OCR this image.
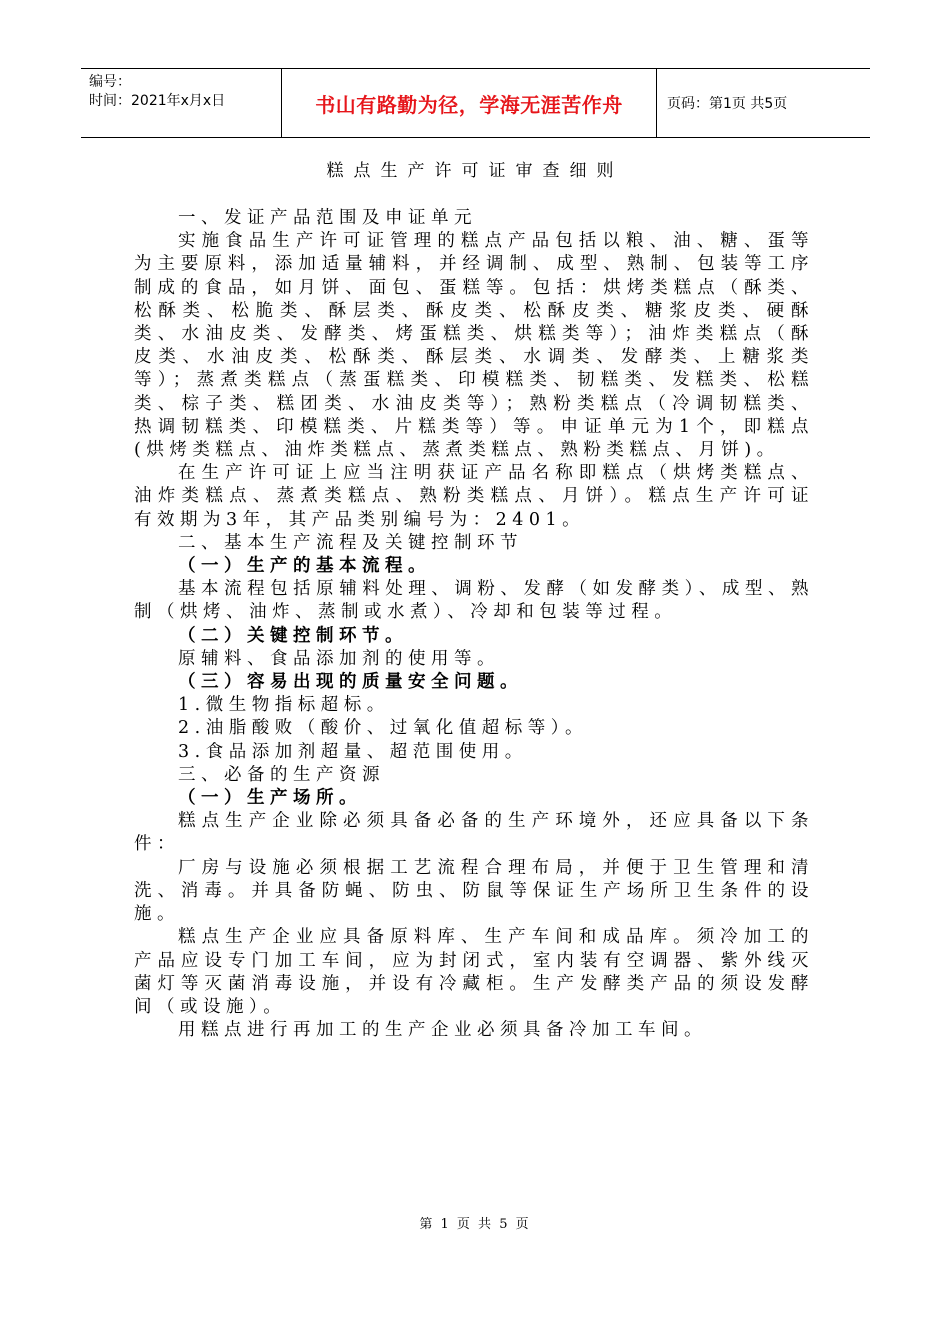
编号：
时间：2021年x月x日	书山有路勤为径，学海无涯苦作舟	页码：第1页 共5页
糕点生产许可证审查细则

一、发证产品范围及申证单元

实施食品生产许可证管理的糕点产品包括以粮、油、糖、蛋等为主要原料，添加适量辅料，并经调制、成型、熟制、包装等工序制成的食品，如月饼、面包、蛋糕等。包括：烘烤类糕点（酥类、松酥类、松脆类、酥层类、酥皮类、松酥皮类、糖浆皮类、硬酥类、水油皮类、发酵类、烤蛋糕类、烘糕类等）；油炸类糕点（酥皮类、水油皮类、松酥类、酥层类、水调类、发酵类、上糖浆类等）；蒸煮类糕点（蒸蛋糕类、印模糕类、韧糕类、发糕类、松糕类、棕子类、糕团类、水油皮类等）；熟粉类糕点（冷调韧糕类、热调韧糕类、印模糕类、片糕类等）等。申证单元为1个，即糕点(烘烤类糕点、油炸类糕点、蒸煮类糕点、熟粉类糕点、月饼)。

在生产许可证上应当注明获证产品名称即糕点（烘烤类糕点、油炸类糕点、蒸煮类糕点、熟粉类糕点、月饼）。糕点生产许可证有效期为3年，其产品类别编号为：2401。

二、基本生产流程及关键控制环节

（一）生产的基本流程。

基本流程包括原辅料处理、调粉、发酵（如发酵类）、成型、熟制（烘烤、油炸、蒸制或水煮）、冷却和包装等过程。

（二）关键控制环节。

原辅料、食品添加剂的使用等。

（三）容易出现的质量安全问题。

1.微生物指标超标。

2.油脂酸败（酸价、过氧化值超标等）。

3.食品添加剂超量、超范围使用。

三、必备的生产资源

（一）生产场所。

糕点生产企业除必须具备必备的生产环境外，还应具备以下条件：

厂房与设施必须根据工艺流程合理布局，并便于卫生管理和清洗、消毒。并具备防蝇、防虫、防鼠等保证生产场所卫生条件的设施。

糕点生产企业应具备原料库、生产车间和成品库。须冷加工的产品应设专门加工车间，应为封闭式，室内装有空调器、紫外线灭菌灯等灭菌消毒设施，并设有冷藏柜。生产发酵类产品的须设发酵间（或设施）。

用糕点进行再加工的生产企业必须具备冷加工车间。

第 1 页 共 5 页
